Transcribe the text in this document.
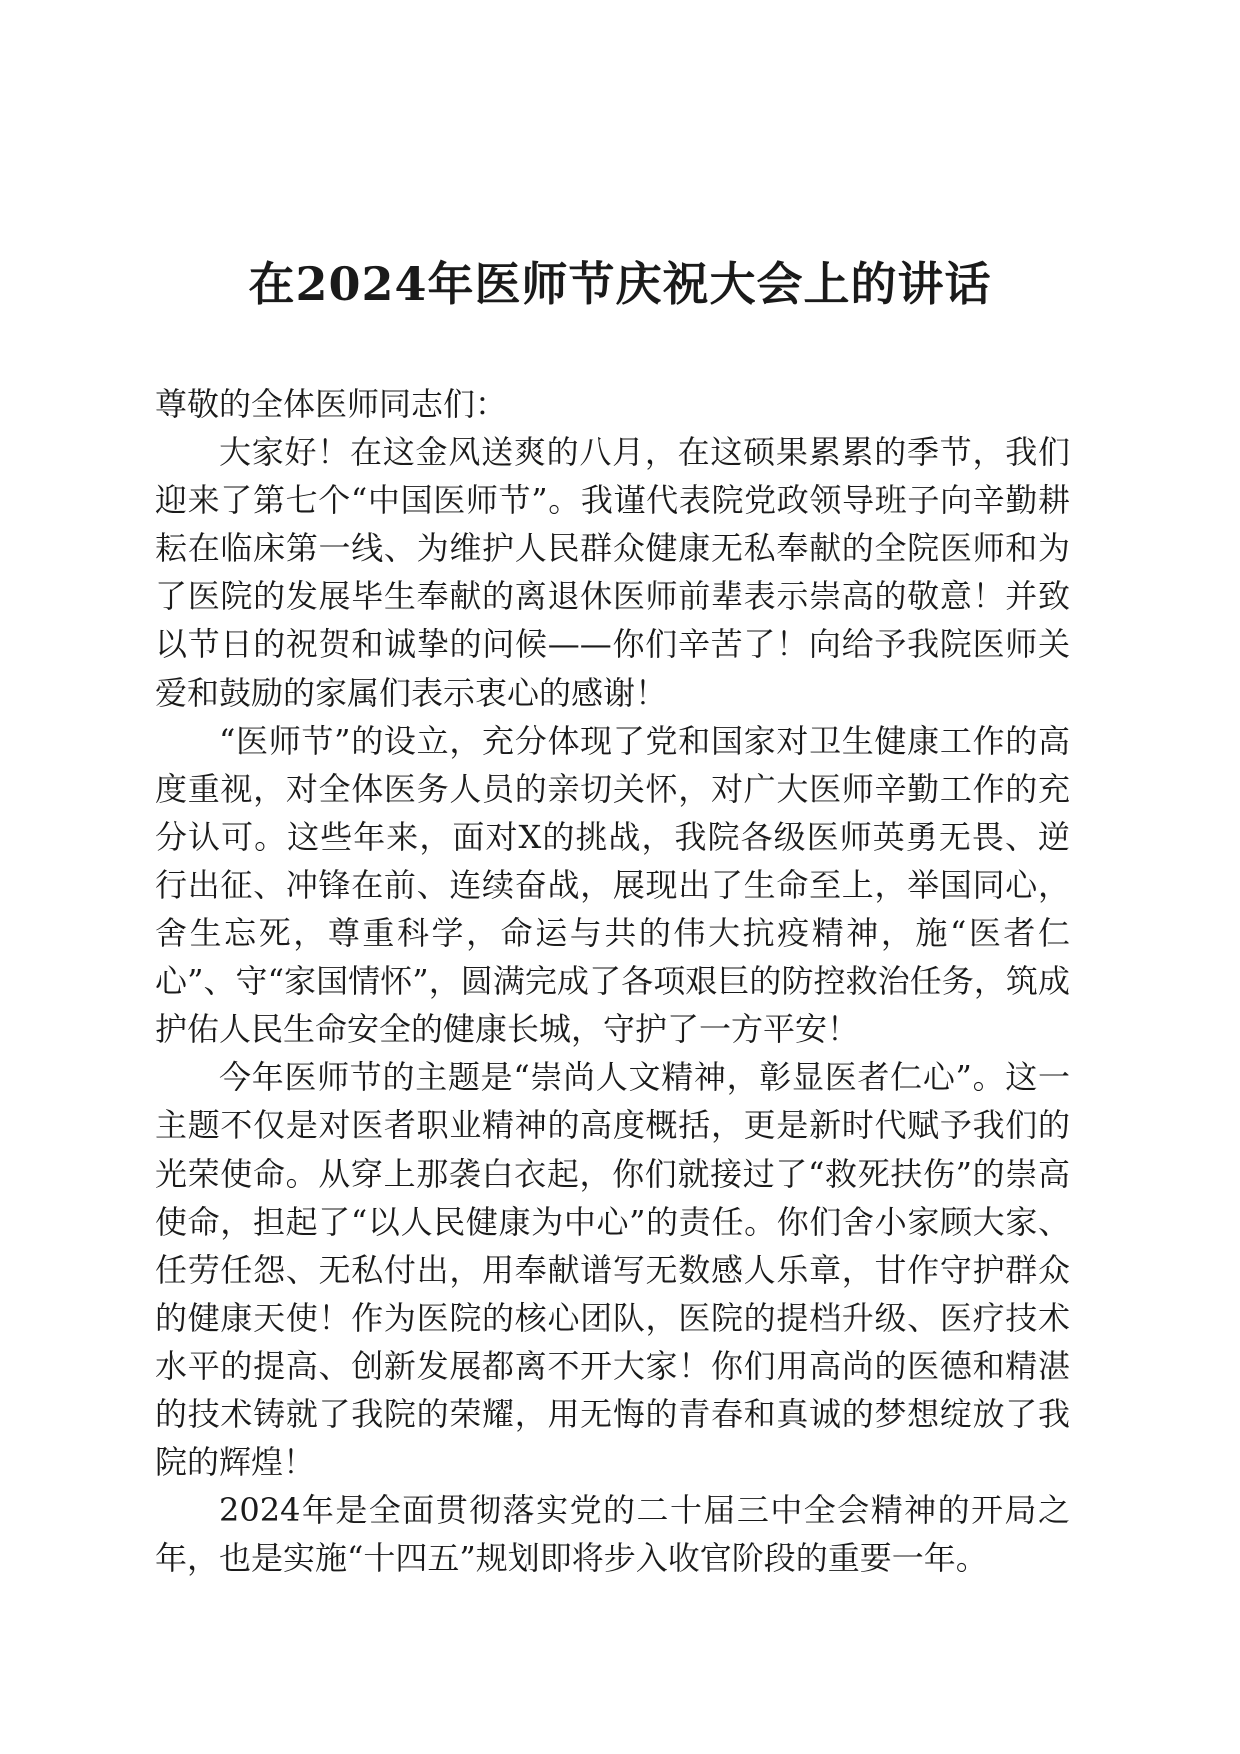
在2024年医师节庆祝大会上的讲话

尊敬的全体医师同志们：

大家好！在这金风送爽的八月，在这硕果累累的季节，我们迎来了第七个“中国医师节”。我谨代表院党政领导班子向辛勤耕耘在临床第一线、为维护人民群众健康无私奉献的全院医师和为了医院的发展毕生奉献的离退休医师前辈表示崇高的敬意！并致以节日的祝贺和诚挚的问候——你们辛苦了！向给予我院医师关爱和鼓励的家属们表示衷心的感谢！

“医师节”的设立，充分体现了党和国家对卫生健康工作的高度重视，对全体医务人员的亲切关怀，对广大医师辛勤工作的充分认可。这些年来，面对X的挑战，我院各级医师英勇无畏、逆行出征、冲锋在前、连续奋战，展现出了生命至上，举国同心，舍生忘死，尊重科学，命运与共的伟大抗疫精神，施“医者仁心”、守“家国情怀”，圆满完成了各项艰巨的防控救治任务，筑成护佑人民生命安全的健康长城，守护了一方平安！

今年医师节的主题是“崇尚人文精神，彰显医者仁心”。这一主题不仅是对医者职业精神的高度概括，更是新时代赋予我们的光荣使命。从穿上那袭白衣起，你们就接过了“救死扶伤”的崇高使命，担起了“以人民健康为中心”的责任。你们舍小家顾大家、任劳任怨、无私付出，用奉献谱写无数感人乐章，甘作守护群众的健康天使！作为医院的核心团队，医院的提档升级、医疗技术水平的提高、创新发展都离不开大家！你们用高尚的医德和精湛的技术铸就了我院的荣耀，用无悔的青春和真诚的梦想绽放了我院的辉煌！

2024年是全面贯彻落实党的二十届三中全会精神的开局之年，也是实施“十四五”规划即将步入收官阶段的重要一年。
